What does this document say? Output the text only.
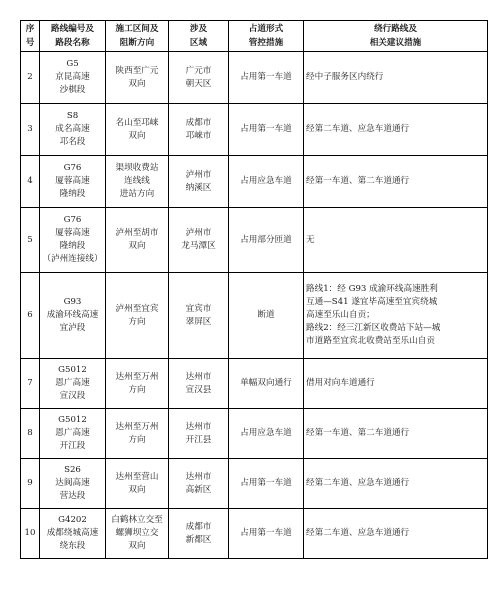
序
号	路线编号及
路段名称	施工区间及
阻断方向	涉及
区域	占道形式
管控措施	绕行路线及
相关建议措施

2	G5
京昆高速
沙棋段	陕西至广元
双向	广元市
朝天区	占用第一车道	经中子服务区内绕行

3	S8
成名高速
邛名段	名山至邛崃
双向	成都市
邛崃市	占用第一车道	经第二车道、应急车道通行

4	G76
厦蓉高速
隆纳段	渠坝收费站
连线线
进站方向	泸州市
纳溪区	占用应急车道	经第一车道、第二车道通行

5	G76
厦蓉高速
隆纳段
（泸州连接线）	泸州至胡市
双向	泸州市
龙马潭区	占用部分匝道	无

6	G93
成渝环线高速
宜泸段	泸州至宜宾
方向	宜宾市
翠屏区	断道	路线1：经 G93 成渝环线高速胜利
互通—S41 遂宜毕高速至宜宾绕城
高速至乐山自贡；
路线2：经三江新区收费站下站—城
市道路至宜宾北收费站至乐山自贡

7	G5012
恩广高速
宣汉段	达州至万州
方向	达州市
宣汉县	单幅双向通行	借用对向车道通行

8	G5012
恩广高速
开江段	达州至万州
方向	达州市
开江县	占用应急车道	经第一车道、第二车道通行

9	S26
达阆高速
营达段	达州至营山
双向	达州市
高新区	占用第一车道	经第二车道、应急车道通行

10	G4202
成都绕城高速
绕东段	白鹤林立交至
螺狮坝立交
双向	成都市
新都区	占用第一车道	经第二车道、应急车道通行
